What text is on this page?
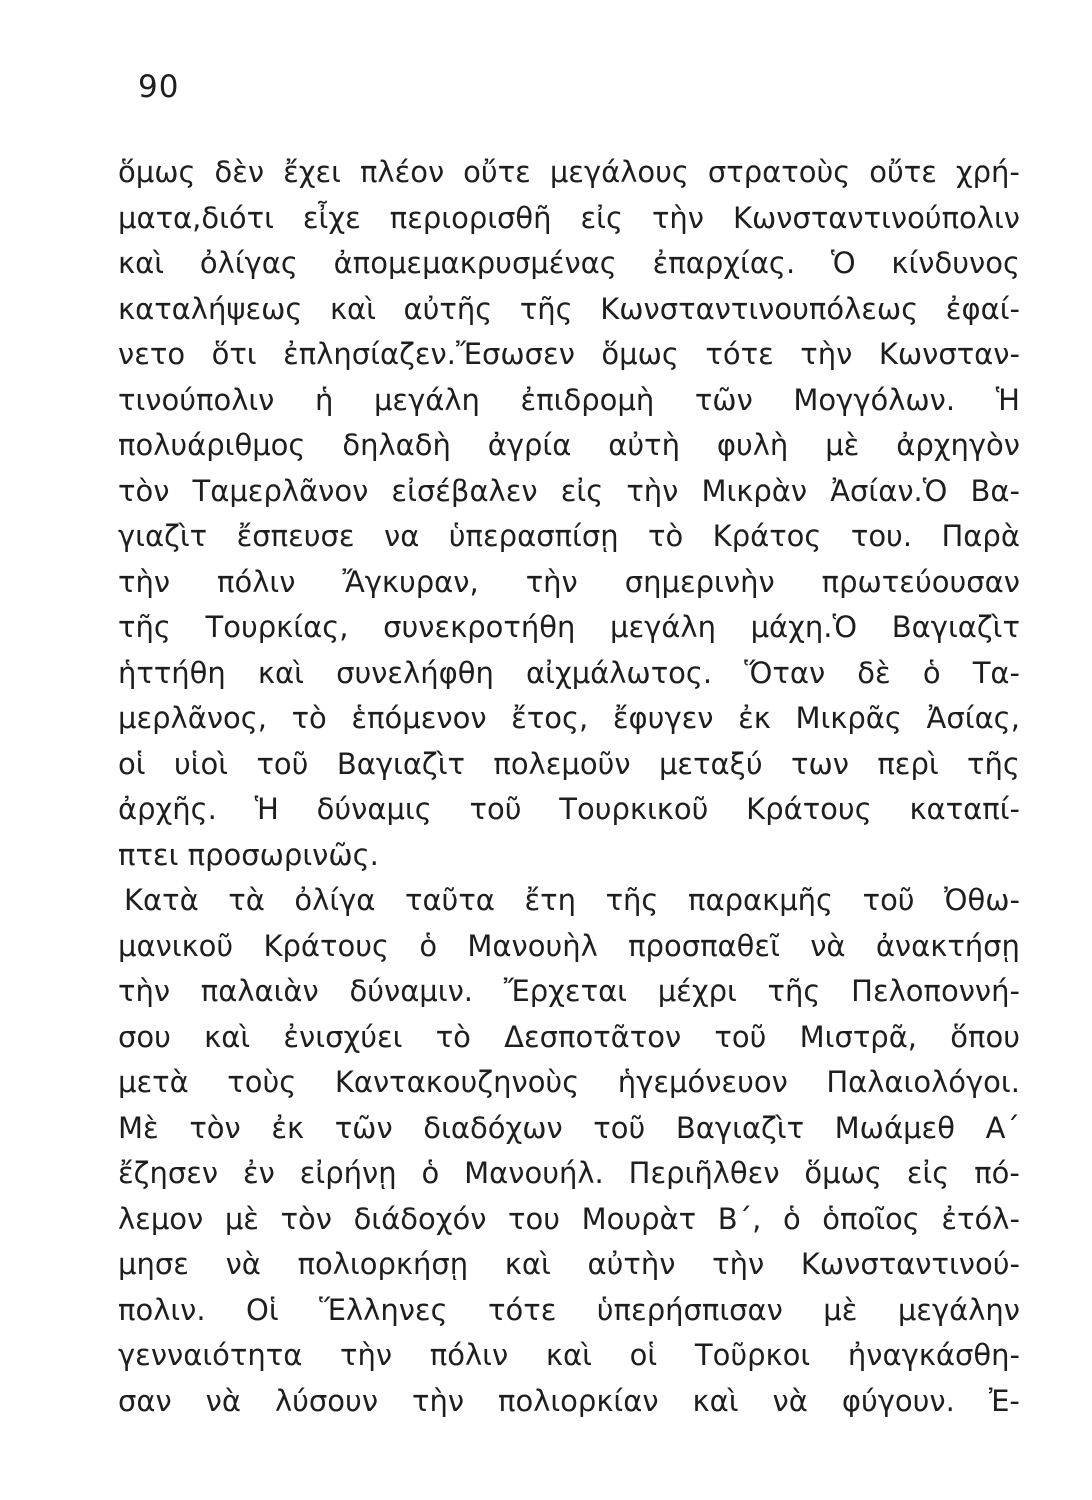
90
ὅμως δὲν ἔχει πλέον οὔτε μεγάλους στρατοὺς οὔτε χρή-
ματα,διότι εἶχε περιορισθῆ εἰς τὴν Κωνσταντινούπολιν
καὶ ὀλίγας ἀπομεμακρυσμένας ἐπαρχίας. Ὁ κίνδυνος
καταλήψεως καὶ αὐτῆς τῆς Κωνσταντινουπόλεως ἐφαί-
νετο ὅτι ἐπλησίαζεν.Ἔσωσεν ὅμως τότε τὴν Κωνσταν-
τινούπολιν ἡ μεγάλη ἐπιδρομὴ τῶν Μογγόλων. Ἡ
πολυάριθμος δηλαδὴ ἀγρία αὐτὴ φυλὴ μὲ ἀρχηγὸν
τὸν Ταμερλᾶνον εἰσέβαλεν εἰς τὴν Μικρὰν Ἀσίαν.Ὁ Βα-
γιαζὶτ ἔσπευσε να ὑπερασπίσῃ τὸ Κράτος του. Παρὰ
τὴν πόλιν Ἄγκυραν, τὴν σημερινὴν πρωτεύουσαν
τῆς Τουρκίας, συνεκροτήθη μεγάλη μάχη.Ὁ Βαγιαζὶτ
ἡττήθη καὶ συνελήφθη αἰχμάλωτος. Ὅταν δὲ ὁ Τα-
μερλᾶνος, τὸ ἑπόμενον ἔτος, ἔφυγεν ἐκ Μικρᾶς Ἀσίας,
οἱ υἱοὶ τοῦ Βαγιαζὶτ πολεμοῦν μεταξύ των περὶ τῆς
ἀρχῆς. Ἡ δύναμις τοῦ Τουρκικοῦ Κράτους καταπί-
πτει προσωρινῶς.
Κατὰ τὰ ὀλίγα ταῦτα ἔτη τῆς παρακμῆς τοῦ Ὀθω-
μανικοῦ Κράτους ὁ Μανουὴλ προσπαθεῖ νὰ ἀνακτήσῃ
τὴν παλαιὰν δύναμιν. Ἔρχεται μέχρι τῆς Πελοποννή-
σου καὶ ἐνισχύει τὸ Δεσποτᾶτον τοῦ Μιστρᾶ, ὅπου
μετὰ τοὺς Καντακουζηνοὺς ἡγεμόνευον Παλαιολόγοι.
Μὲ τὸν ἐκ τῶν διαδόχων τοῦ Βαγιαζὶτ Μωάμεθ Α´
ἔζησεν ἐν εἰρήνῃ ὁ Μανουήλ. Περιῆλθεν ὅμως εἰς πό-
λεμον μὲ τὸν διάδοχόν του Μουρὰτ Β´, ὁ ὁποῖος ἐτόλ-
μησε νὰ πολιορκήσῃ καὶ αὐτὴν τὴν Κωνσταντινού-
πολιν. Οἱ Ἕλληνες τότε ὑπερήσπισαν μὲ μεγάλην
γενναιότητα τὴν πόλιν καὶ οἱ Τοῦρκοι ἠναγκάσθη-
σαν νὰ λύσουν τὴν πολιορκίαν καὶ νὰ φύγουν. Ἐ-
